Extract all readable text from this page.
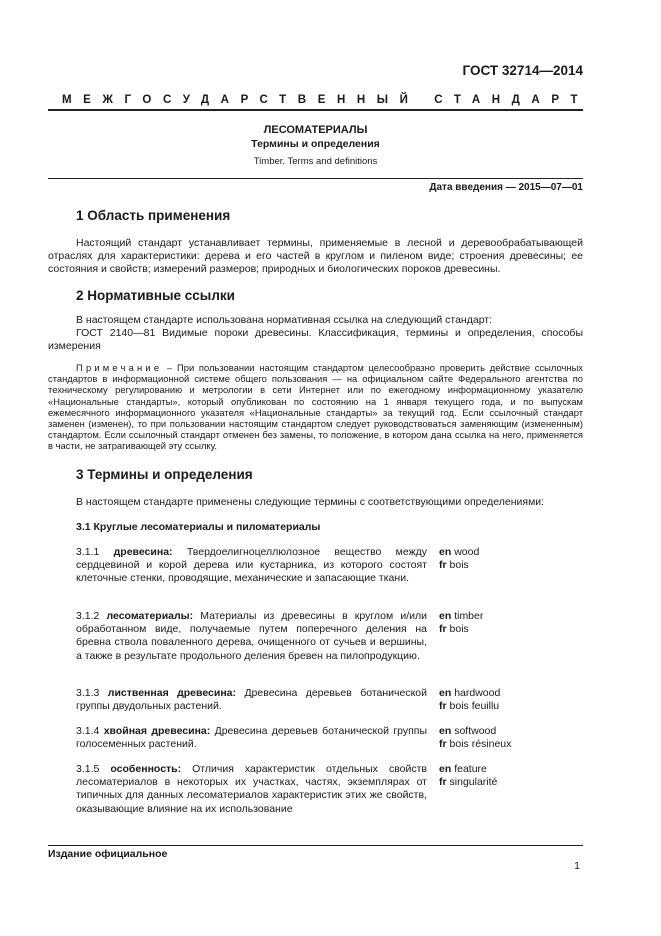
ГОСТ 32714—2014
МЕЖГОСУДАРСТВЕННЫЙ СТАНДАРТ
ЛЕСОМАТЕРИАЛЫ
Термины и определения
Timber. Terms and definitions
Дата введения — 2015—07—01
1 Область применения
Настоящий стандарт устанавливает термины, применяемые в лесной и деревообрабатывающей отраслях для характеристики: дерева и его частей в круглом и пиленом виде; строения древесины; ее состояния и свойств; измерений размеров; природных и биологических пороков древесины.
2 Нормативные ссылки
В настоящем стандарте использована нормативная ссылка на следующий стандарт:
ГОСТ 2140—81 Видимые пороки древесины. Классификация, термины и определения, способы измерения
Примечание – При пользовании настоящим стандартом целесообразно проверить действие ссылочных стандартов в информационной системе общего пользования — на официальном сайте Федерального агентства по техническому регулированию и метрологии в сети Интернет или по ежегодному информационному указателю «Национальные стандарты», который опубликован по состоянию на 1 января текущего года, и по выпускам ежемесячного информационного указателя «Национальные стандарты» за текущий год. Если ссылочный стандарт заменен (изменен), то при пользовании настоящим стандартом следует руководствоваться заменяющим (измененным) стандартом. Если ссылочный стандарт отменен без замены, то положение, в котором дана ссылка на него, применяется в части, не затрагивающей эту ссылку.
3 Термины и определения
В настоящем стандарте применены следующие термины с соответствующими определениями:
3.1 Круглые лесоматериалы и пиломатериалы
3.1.1 древесина: Твердоелигноцеллюлозное вещество между сердцевиной и корой дерева или кустарника, из которого состоят клеточные стенки, проводящие, механические и запасающие ткани.
en wood
fr bois
3.1.2 лесоматериалы: Материалы из древесины в круглом и/или обработанном виде, получаемые путем поперечного деления на бревна ствола поваленного дерева, очищенного от сучьев и вершины, а также в результате продольного деления бревен на пилопродукцию.
en timber
fr bois
3.1.3 лиственная древесина: Древесина деревьев ботанической группы двудольных растений.
en hardwood
fr bois feuillu
3.1.4 хвойная древесина: Древесина деревьев ботанической группы голосеменных растений.
en softwood
fr bois résineux
3.1.5 особенность: Отличия характеристик отдельных свойств лесоматериалов в некоторых их участках, частях, экземплярах от типичных для данных лесоматериалов характеристик этих же свойств, оказывающие влияние на их использование
en feature
fr singularité
Издание официальное
1
